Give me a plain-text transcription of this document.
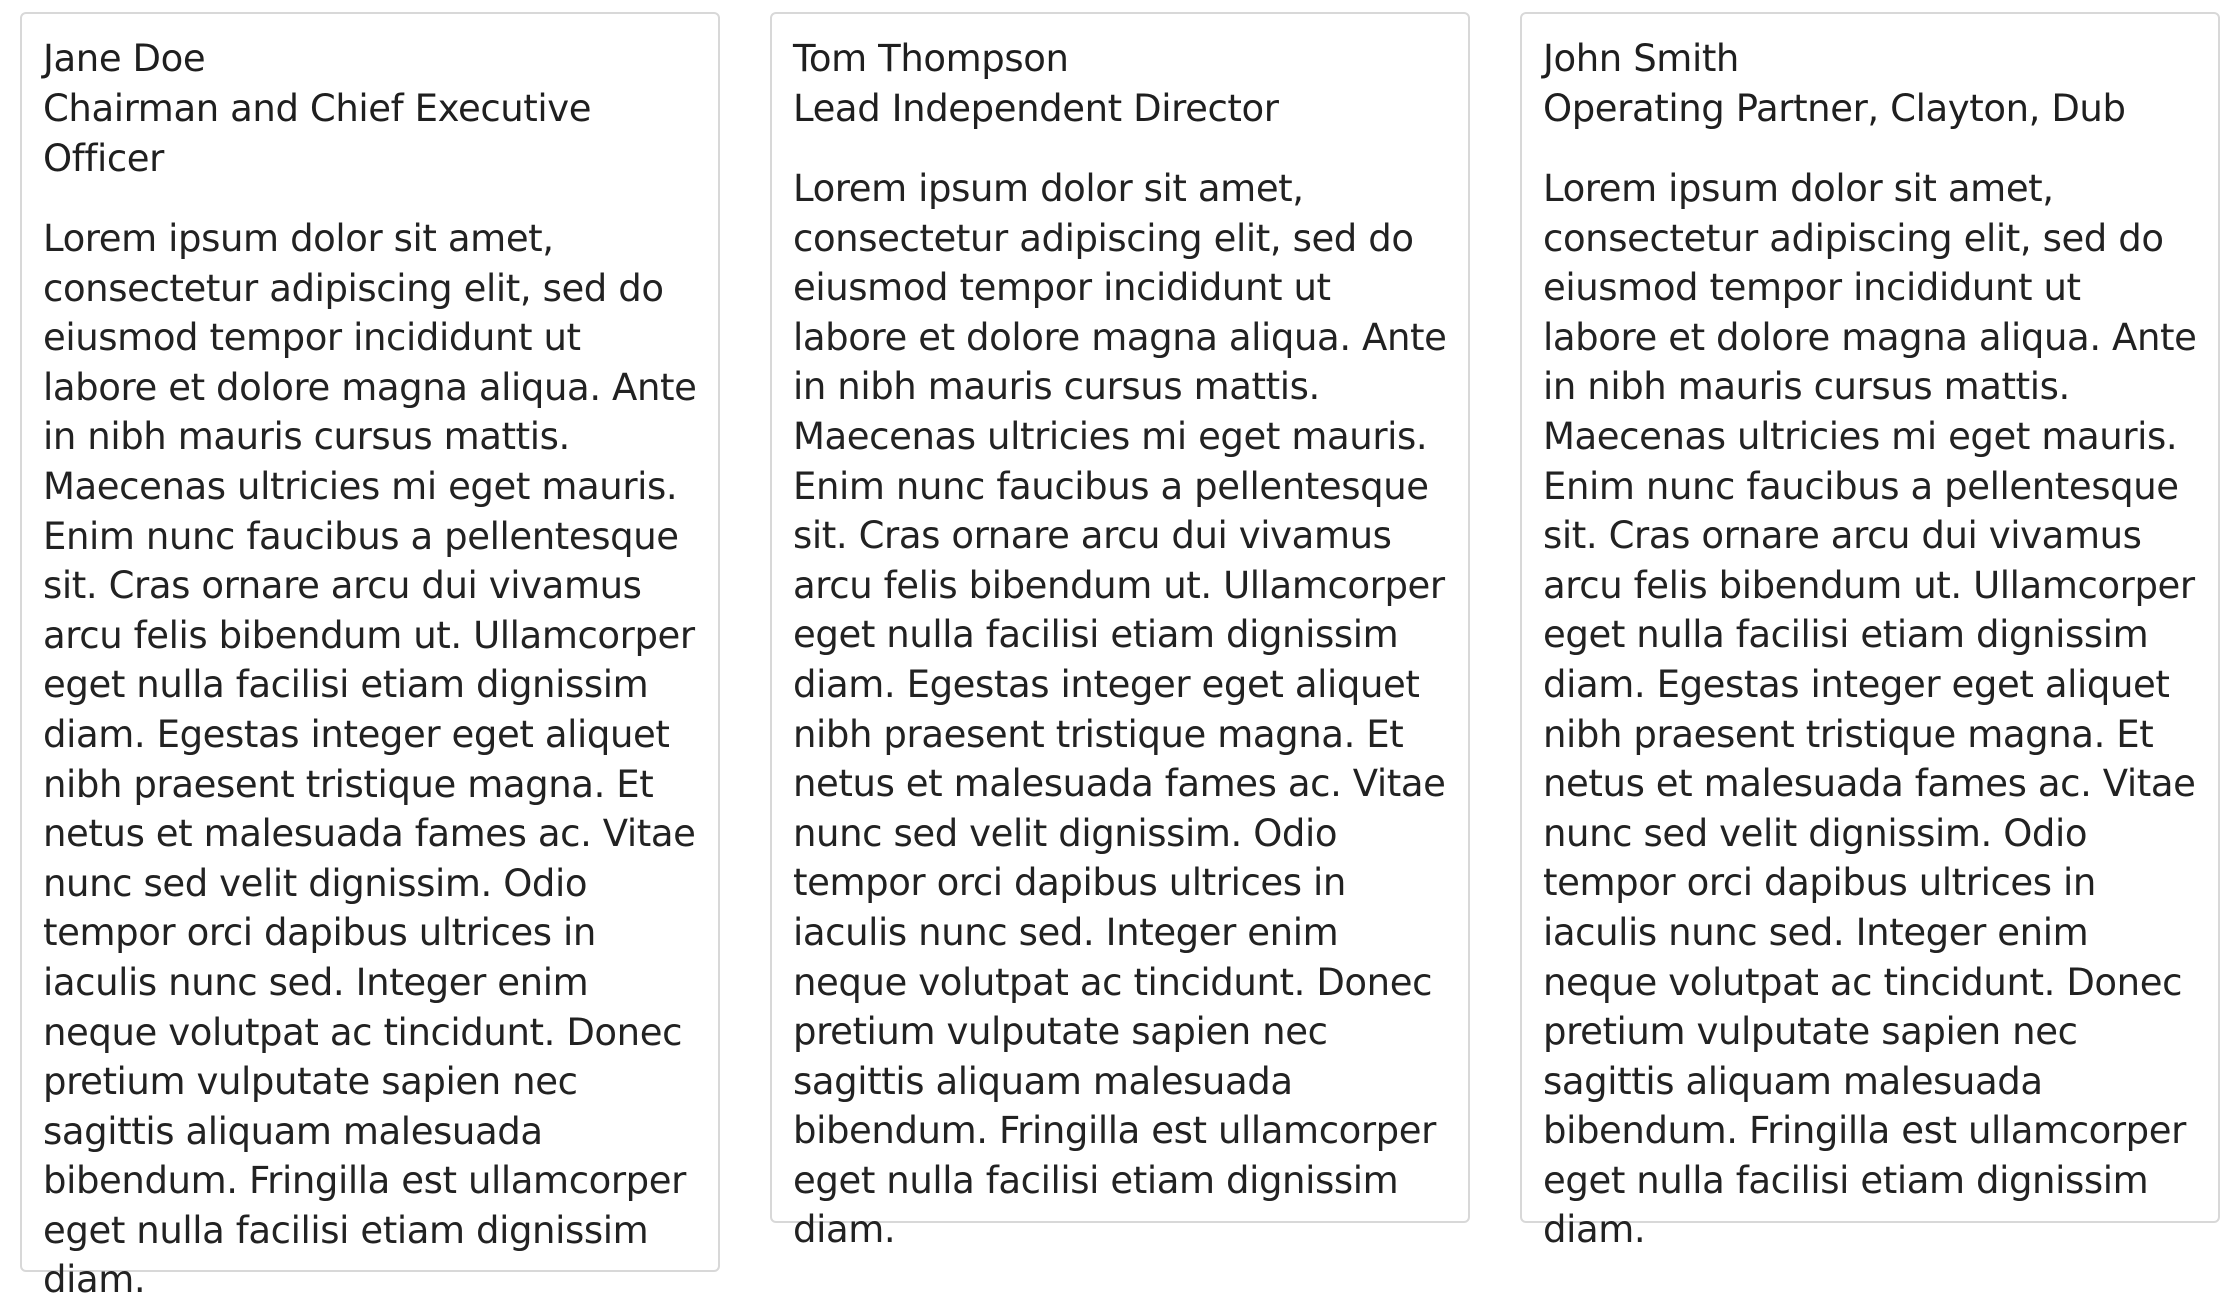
Jane Doe
Chairman and Chief Executive Officer
Lorem ipsum dolor sit amet, consectetur adipiscing elit, sed do eiusmod tempor incididunt ut labore et dolore magna aliqua. Ante in nibh mauris cursus mattis. Maecenas ultricies mi eget mauris. Enim nunc faucibus a pellentesque sit. Cras ornare arcu dui vivamus arcu felis bibendum ut. Ullamcorper eget nulla facilisi etiam dignissim diam. Egestas integer eget aliquet nibh praesent tristique magna. Et netus et malesuada fames ac. Vitae nunc sed velit dignissim. Odio tempor orci dapibus ultrices in iaculis nunc sed. Integer enim neque volutpat ac tincidunt. Donec pretium vulputate sapien nec sagittis aliquam malesuada bibendum. Fringilla est ullamcorper eget nulla facilisi etiam dignissim diam.
Tom Thompson
Lead Independent Director
Lorem ipsum dolor sit amet, consectetur adipiscing elit, sed do eiusmod tempor incididunt ut labore et dolore magna aliqua. Ante in nibh mauris cursus mattis. Maecenas ultricies mi eget mauris. Enim nunc faucibus a pellentesque sit. Cras ornare arcu dui vivamus arcu felis bibendum ut. Ullamcorper eget nulla facilisi etiam dignissim diam. Egestas integer eget aliquet nibh praesent tristique magna. Et netus et malesuada fames ac. Vitae nunc sed velit dignissim. Odio tempor orci dapibus ultrices in iaculis nunc sed. Integer enim neque volutpat ac tincidunt. Donec pretium vulputate sapien nec sagittis aliquam malesuada bibendum. Fringilla est ullamcorper eget nulla facilisi etiam dignissim diam.
John Smith
Operating Partner, Clayton, Dub
Lorem ipsum dolor sit amet, consectetur adipiscing elit, sed do eiusmod tempor incididunt ut labore et dolore magna aliqua. Ante in nibh mauris cursus mattis. Maecenas ultricies mi eget mauris. Enim nunc faucibus a pellentesque sit. Cras ornare arcu dui vivamus arcu felis bibendum ut. Ullamcorper eget nulla facilisi etiam dignissim diam. Egestas integer eget aliquet nibh praesent tristique magna. Et netus et malesuada fames ac. Vitae nunc sed velit dignissim. Odio tempor orci dapibus ultrices in iaculis nunc sed. Integer enim neque volutpat ac tincidunt. Donec pretium vulputate sapien nec sagittis aliquam malesuada bibendum. Fringilla est ullamcorper eget nulla facilisi etiam dignissim diam.
